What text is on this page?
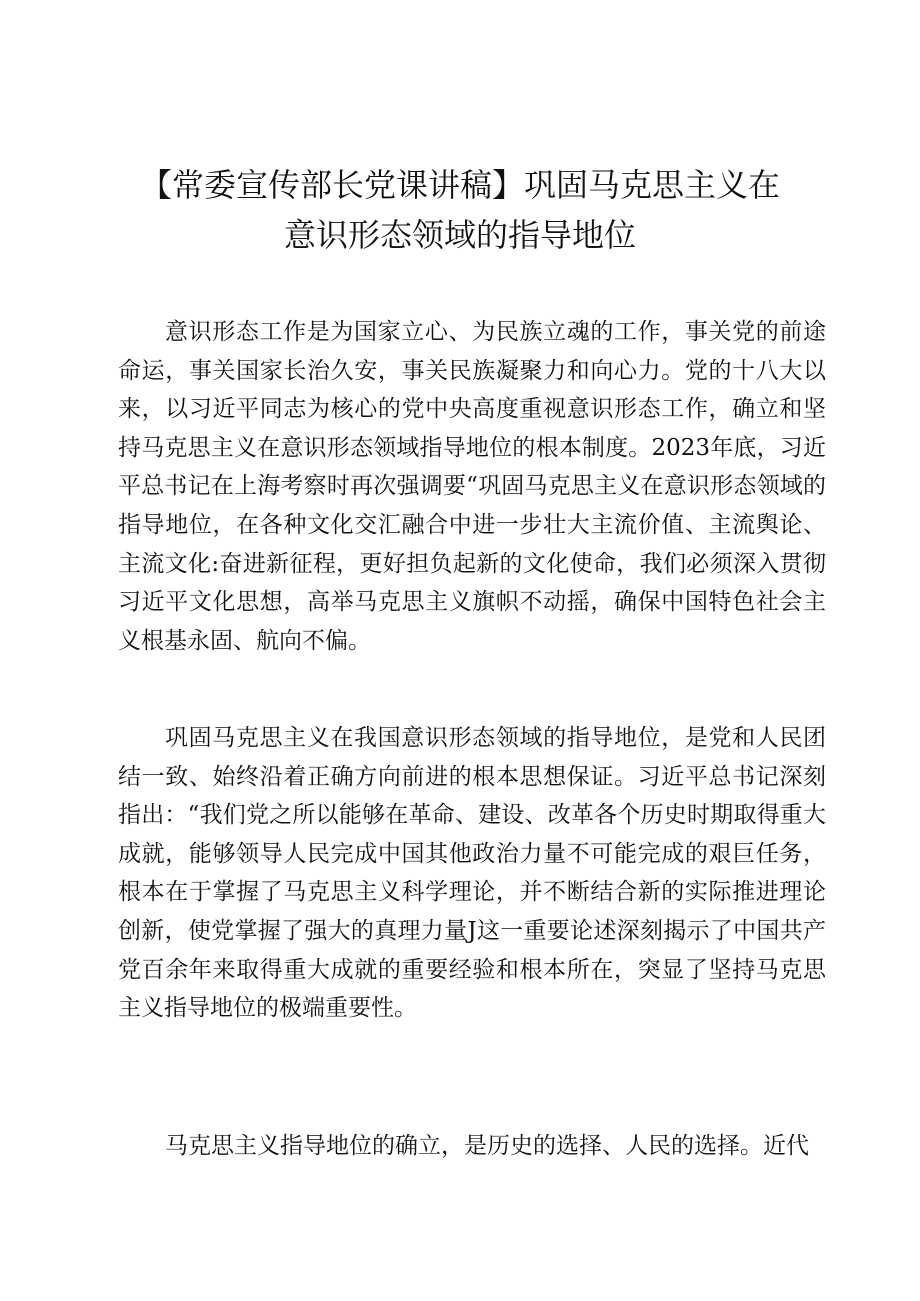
【常委宣传部长党课讲稿】巩固马克思主义在
意识形态领域的指导地位

意识形态工作是为国家立心、为民族立魂的工作，事关党的前途命运，事关国家长治久安，事关民族凝聚力和向心力。党的十八大以来，以习近平同志为核心的党中央高度重视意识形态工作，确立和坚持马克思主义在意识形态领域指导地位的根本制度。2023年底，习近平总书记在上海考察时再次强调要“巩固马克思主义在意识形态领域的指导地位，在各种文化交汇融合中进一步壮大主流价值、主流舆论、主流文化:奋进新征程，更好担负起新的文化使命，我们必须深入贯彻习近平文化思想，高举马克思主义旗帜不动摇，确保中国特色社会主义根基永固、航向不偏。

巩固马克思主义在我国意识形态领域的指导地位，是党和人民团结一致、始终沿着正确方向前进的根本思想保证。习近平总书记深刻指出：“我们党之所以能够在革命、建设、改革各个历史时期取得重大成就，能够领导人民完成中国其他政治力量不可能完成的艰巨任务，根本在于掌握了马克思主义科学理论，并不断结合新的实际推进理论创新，使党掌握了强大的真理力量J这一重要论述深刻揭示了中国共产党百余年来取得重大成就的重要经验和根本所在，突显了坚持马克思主义指导地位的极端重要性。

马克思主义指导地位的确立，是历史的选择、人民的选择。近代
